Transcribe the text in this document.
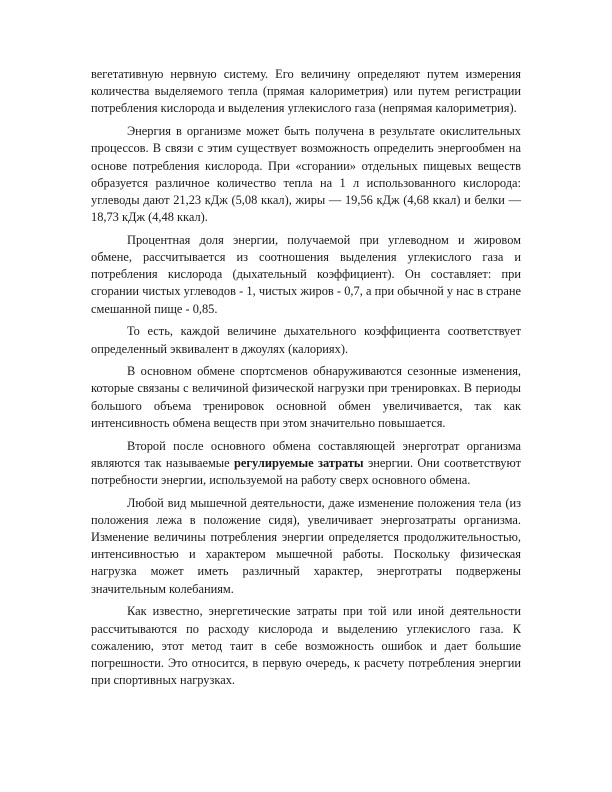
вегетативную нервную систему. Его величину определяют путем измерения количества выделяемого тепла (прямая калориметрия) или путем регистрации потребления кислорода и выделения углекислого газа (непрямая калориметрия).

Энергия в организме может быть получена в результате окислительных процессов. В связи с этим существует возможность определить энергообмен на основе потребления кислорода. При «сгорании» отдельных пищевых веществ образуется различное количество тепла на 1 л использованного кислорода: углеводы дают 21,23 кДж (5,08 ккал), жиры — 19,56 кДж (4,68 ккал) и белки — 18,73 кДж (4,48 ккал).

Процентная доля энергии, получаемой при углеводном и жировом обмене, рассчитывается из соотношения выделения углекислого газа и потребления кислорода (дыхательный коэффициент). Он составляет: при сгорании чистых углеводов - 1, чистых жиров - 0,7, а при обычной у нас в стране смешанной пище - 0,85.

То есть, каждой величине дыхательного коэффициента соответствует определенный эквивалент в джоулях (калориях).

В основном обмене спортсменов обнаруживаются сезонные изменения, которые связаны с величиной физической нагрузки при тренировках. В периоды большого объема тренировок основной обмен увеличивается, так как интенсивность обмена веществ при этом значительно повышается.

Второй после основного обмена составляющей энерготрат организма являются так называемые регулируемые затраты энергии. Они соответствуют потребности энергии, используемой на работу сверх основного обмена.

Любой вид мышечной деятельности, даже изменение положения тела (из положения лежа в положение сидя), увеличивает энергозатраты организма. Изменение величины потребления энергии определяется продолжительностью, интенсивностью и характером мышечной работы. Поскольку физическая нагрузка может иметь различный характер, энерготраты подвержены значительным колебаниям.

Как известно, энергетические затраты при той или иной деятельности рассчитываются по расходу кислорода и выделению углекислого газа. К сожалению, этот метод таит в себе возможность ошибок и дает большие погрешности. Это относится, в первую очередь, к расчету потребления энергии при спортивных нагрузках.
